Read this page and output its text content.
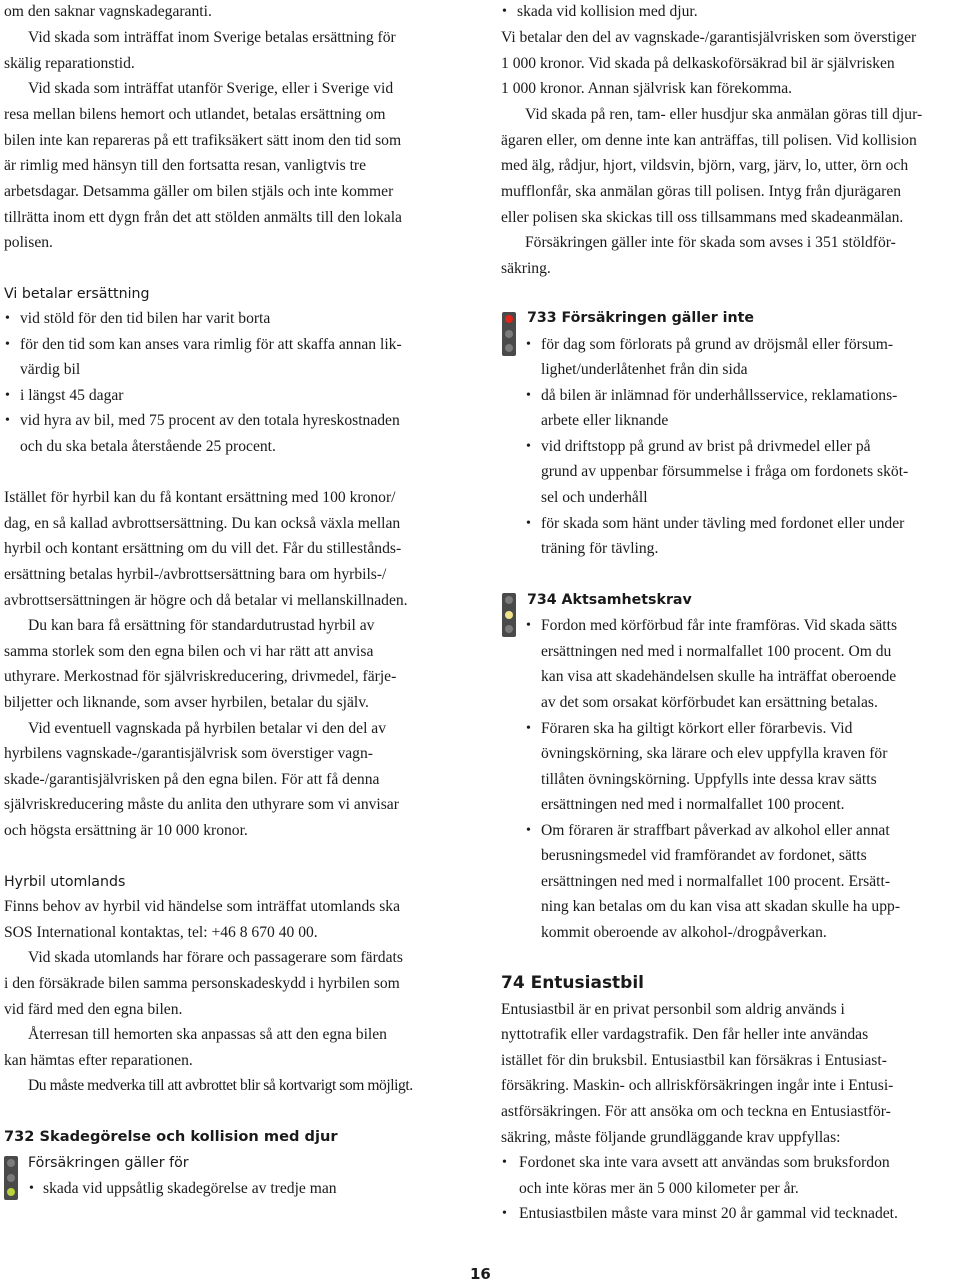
om den saknar vagnskadegaranti.
Vid skada som inträffat inom Sverige betalas ersättning för
skälig reparationstid.
Vid skada som inträffat utanför Sverige, eller i Sverige vid
resa mellan bilens hemort och utlandet, betalas ersättning om
bilen inte kan repareras på ett trafiksäkert sätt inom den tid som
är rimlig med hänsyn till den fortsatta resan, vanligtvis tre
arbetsdagar. Detsamma gäller om bilen stjäls och inte kommer
tillrätta inom ett dygn från det att stölden anmälts till den lokala
polisen.
Vi betalar ersättning
• vid stöld för den tid bilen har varit borta
• för den tid som kan anses vara rimlig för att skaffa annan lik-
värdig bil
• i längst 45 dagar
• vid hyra av bil, med 75 procent av den totala hyreskostnaden
och du ska betala återstående 25 procent.
Istället för hyrbil kan du få kontant ersättning med 100 kronor/
dag, en så kallad avbrottsersättning. Du kan också växla mellan
hyrbil och kontant ersättning om du vill det. Får du stillestånds-
ersättning betalas hyrbil-/avbrottsersättning bara om hyrbils-/
avbrottsersättningen är högre och då betalar vi mellanskillnaden.
Du kan bara få ersättning för standardutrustad hyrbil av
samma storlek som den egna bilen och vi har rätt att anvisa
uthyrare. Merkostnad för självriskreducering, drivmedel, färje-
biljetter och liknande, som avser hyrbilen, betalar du själv.
Vid eventuell vagnskada på hyrbilen betalar vi den del av
hyrbilens vagnskade-/garantisjälvrisk som överstiger vagn-
skade-/garantisjälvrisken på den egna bilen. För att få denna
självriskreducering måste du anlita den uthyrare som vi anvisar
och högsta ersättning är 10 000 kronor.
Hyrbil utomlands
Finns behov av hyrbil vid händelse som inträffat utomlands ska
SOS International kontaktas, tel: +46 8 670 40 00.
Vid skada utomlands har förare och passagerare som färdats
i den försäkrade bilen samma personskadeskydd i hyrbilen som
vid färd med den egna bilen.
Återresan till hemorten ska anpassas så att den egna bilen
kan hämtas efter reparationen.
Du måste medverka till att avbrottet blir så kortvarigt som möjligt.
732 Skadegörelse och kollision med djur
Försäkringen gäller för
• skada vid uppsåtlig skadegörelse av tredje man
• skada vid kollision med djur.
Vi betalar den del av vagnskade-/garantisjälvrisken som överstiger
1 000 kronor. Vid skada på delkaskoförsäkrad bil är självrisken
1 000 kronor. Annan självrisk kan förekomma.
Vid skada på ren, tam- eller husdjur ska anmälan göras till djur-
ägaren eller, om denne inte kan anträffas, till polisen. Vid kollision
med älg, rådjur, hjort, vildsvin, björn, varg, järv, lo, utter, örn och
mufflonfår, ska anmälan göras till polisen. Intyg från djurägaren
eller polisen ska skickas till oss tillsammans med skadeanmälan.
Försäkringen gäller inte för skada som avses i 351 stöldför-
säkring.
733 Försäkringen gäller inte
• för dag som förlorats på grund av dröjsmål eller försum-
lighet/underlåtenhet från din sida
• då bilen är inlämnad för underhållsservice, reklamations-
arbete eller liknande
• vid driftstopp på grund av brist på drivmedel eller på
grund av uppenbar försummelse i fråga om fordonets sköt-
sel och underhåll
• för skada som hänt under tävling med fordonet eller under
träning för tävling.
734 Aktsamhetskrav
• Fordon med körförbud får inte framföras. Vid skada sätts
ersättningen ned med i normalfallet 100 procent. Om du
kan visa att skadehändelsen skulle ha inträffat oberoende
av det som orsakat körförbudet kan ersättning betalas.
• Föraren ska ha giltigt körkort eller förarbevis. Vid
övningskörning, ska lärare och elev uppfylla kraven för
tillåten övningskörning. Uppfylls inte dessa krav sätts
ersättningen ned med i normalfallet 100 procent.
• Om föraren är straffbart påverkad av alkohol eller annat
berusningsmedel vid framförandet av fordonet, sätts
ersättningen ned med i normalfallet 100 procent. Ersätt-
ning kan betalas om du kan visa att skadan skulle ha upp-
kommit oberoende av alkohol-/drogpåverkan.
74 Entusiastbil
Entusiastbil är en privat personbil som aldrig används i
nyttotrafik eller vardagstrafik. Den får heller inte användas
istället för din bruksbil. Entusiastbil kan försäkras i Entusiast-
försäkring. Maskin- och allriskförsäkringen ingår inte i Entusi-
astförsäkringen. För att ansöka om och teckna en Entusiastför-
säkring, måste följande grundläggande krav uppfyllas:
• Fordonet ska inte vara avsett att användas som bruksfordon
och inte köras mer än 5 000 kilometer per år.
• Entusiastbilen måste vara minst 20 år gammal vid tecknadet.
16
